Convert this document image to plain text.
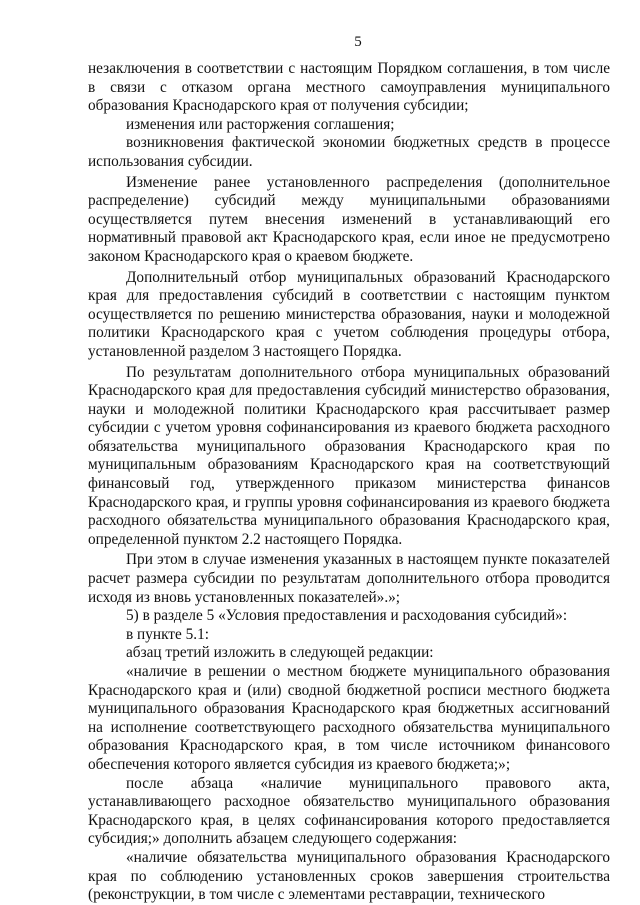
5

незаключения в соответствии с настоящим Порядком соглашения, в том числе в связи с отказом органа местного самоуправления муниципального образования Краснодарского края от получения субсидии;

изменения или расторжения соглашения;

возникновения фактической экономии бюджетных средств в процессе использования субсидии.

Изменение ранее установленного распределения (дополнительное распределение) субсидий между муниципальными образованиями осуществляется путем внесения изменений в устанавливающий его нормативный правовой акт Краснодарского края, если иное не предусмотрено законом Краснодарского края о краевом бюджете.

Дополнительный отбор муниципальных образований Краснодарского края для предоставления субсидий в соответствии с настоящим пунктом осуществляется по решению министерства образования, науки и молодежной политики Краснодарского края с учетом соблюдения процедуры отбора, установленной разделом 3 настоящего Порядка.

По результатам дополнительного отбора муниципальных образований Краснодарского края для предоставления субсидий министерство образования, науки и молодежной политики Краснодарского края рассчитывает размер субсидии с учетом уровня софинансирования из краевого бюджета расходного обязательства муниципального образования Краснодарского края по муниципальным образованиям Краснодарского края на соответствующий финансовый год, утвержденного приказом министерства финансов Краснодарского края, и группы уровня софинансирования из краевого бюджета расходного обязательства муниципального образования Краснодарского края, определенной пунктом 2.2 настоящего Порядка.

При этом в случае изменения указанных в настоящем пункте показателей расчет размера субсидии по результатам дополнительного отбора проводится исходя из вновь установленных показателей».»;

5) в разделе 5 «Условия предоставления и расходования субсидий»:

в пункте 5.1:

абзац третий изложить в следующей редакции:

«наличие в решении о местном бюджете муниципального образования Краснодарского края и (или) сводной бюджетной росписи местного бюджета муниципального образования Краснодарского края бюджетных ассигнований на исполнение соответствующего расходного обязательства муниципального образования Краснодарского края, в том числе источником финансового обеспечения которого является субсидия из краевого бюджета;»;

после абзаца «наличие муниципального правового акта, устанавливающего расходное обязательство муниципального образования Краснодарского края, в целях софинансирования которого предоставляется субсидия;» дополнить абзацем следующего содержания:

«наличие обязательства муниципального образования Краснодарского края по соблюдению установленных сроков завершения строительства (реконструкции, в том числе с элементами реставрации, технического
